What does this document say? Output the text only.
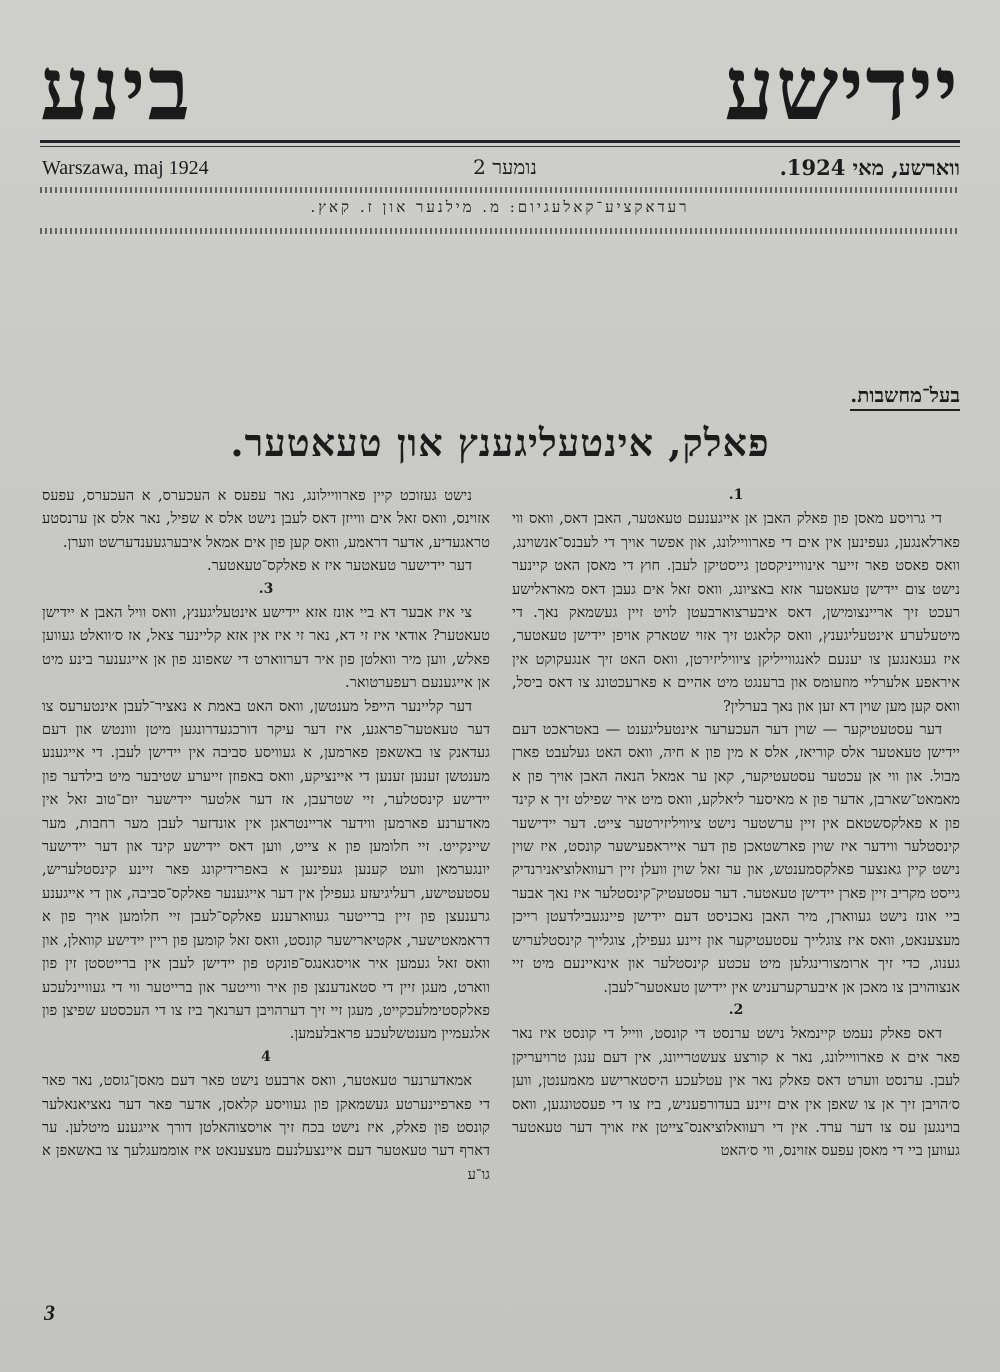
יידישע בינע
Warszawa, maj 1924	נומער 2	ווארשע, מאי 1924.
רעדאקציע־קאלעגיום: מ. מילנער און ז. קאץ.
בעל־מחשבות.
פאלק, אינטעליגענץ און טעאטער.

1.

די גרויסע מאסן פון פאלק האבן אן אייגענעם טעאטער, האבן דאס, וואס ווי פארלאנגען, געפינען אין אים די פארוויילונג, און אפשר אויך די לעבנס־אנשוינג, וואס פאסט פאר זייער אינווייניקסטן גייסטיקן לעבן. חוץ די מאסן האט קיינער נישט צום יידישן טעאטער אזא באציונג, וואס זאל אים געבן דאס מאראלישע רעכט זיך אריינצומישן, דאס איבערצוארבעטן לויט זיין געשמאק נאך. די מיטעלערע אינטעליגענץ, וואס קלאגט זיך אזוי שטארק אויפן יידישן טעאטער, איז געגאנגען צו יענעם לאנגווייליקן ציוויליזירטן, וואס האט זיך אנגעקוקט אין איראפע אלערליי מוזעומס און ברענגט מיט אהיים א פארעכטונג צו דאס ביסל, וואס קען מען שוין דא זען און נאך בערלין?

דער עסטעטיקער — שוין דער העכערער אינטעליגענט — באטראכט דעם יידישן טעאטער אלס קוריאז, אלס א מין פון א חיה, וואס האט געלעבט פארן מבול. און ווי אן עכטער עסטעטיקער, קאן ער אמאל הנאה האבן אויך פון א מאמאט־שארבן, אדער פון א מאיסער ליאלקע, וואס מיט איר שפילט זיך א קינד פון א פאלקסשטאם אין זיין ערשטער נישט ציוויליזירטער צייט. דער יידישער קינסטלער ווידער איז שוין פארשטאכן פון דער אייראפעישער קונסט, איז שוין נישט קיין גאנצער פאלקסמענטש, און ער זאל שוין וועלן זיין רעוואלוציאנירנדיק גייסט מקריב זיין פארן יידישן טעאטער. דער עסטעטיק־קינסטלער איז נאך אבער ביי אונז נישט געווארן, מיר האבן נאכניסט דעם יידישן פיינגעבילדעטן רייכן מעצענאט, וואס איז צוגלייך עסטעטיקער און זיינע געפילן, צוגלייך קינסטלעריש גענוג, כדי זיך ארומצורינגלען מיט עכטע קינסטלער און אינאיינעם מיט זיי אנצוהויבן צו מאכן אן איבערקערעניש אין יידישן טעאטער־לעבן.

2.

דאס פאלק נעמט קיינמאל נישט ערנסט די קונסט, ווייל די קונסט איז נאר פאר אים א פארוויילונג, נאר א קורצע צעשטרייונג, אין דעם ענגן טרויעריקן לעבן. ערנסט ווערט דאס פאלק נאר אין עטלעכע היסטארישע מאמענטן, ווען ס׳הויבן זיך אן צו שאפן אין אים זיינע בעדורפעניש, ביז צו די פעסטונגען, וואס בוינגען עס צו דער ערד. אין די רעוואלוציאנס־צייטן איז אויך דער טעאטער געווען ביי די מאסן עפעס אזוינס, ווי ס׳האט

נישט געזוכט קיין פארוויילונג, נאר עפעס א העכערס, א העכערס, עפעס אזוינס, וואס זאל אים ווייזן דאס לעבן נישט אלס א שפיל, נאר אלס אן ערנסטע טראגעדיע, אדער דראמע, וואס קען פון אים אמאל איבערגעענדערשט ווערן.

דער יידישער טעאטער איז א פאלקס־טעאטער.

3.

צי איז אבער דא ביי אונז אזא יידישע אינטעליגענץ, וואס וויל האבן א יידישן טעאטער? אודאי איז זי דא, נאר זי איז אין אזא קליינער צאל, אז ס׳וואלט געווען פאלש, ווען מיר וואלטן פון איר דערווארט די שאפונג פון אן אייגענער בינע מיט אן אייגענעם רעפערטואר.

דער קליינער הייפל מענטשן, וואס האט באמת א נאציר־לעבן אינטערעס צו דער טעאטער־פראגע, איז דער עיקר דורכגעדרונגען מיטן ווונטש און דעם געדאנק צו באשאפן פארמען, א געוויסע סביבה אין יידישן לעבן. די אייגענע מענטשן זענען זענען די איינציקע, וואס באפוזן זייערע שטיבער מיט בילדער פון יידישע קינסטלער, זיי שטרעבן, אז דער אלטער יידישער יום־טוב זאל אין מאדערנע פארמען ווידער אריינטראגן אין אונדזער לעבן מער רחבות, מער שיינקייט. זיי חלומען פון א צייט, ווען דאס יידישע קינד און דער יידישער יונגערמאן וועט קענען געפינען א באפרידיקונג פאר זיינע קינסטלעריש, עסטעטישע, רעליגיעזע געפילן אין דער אייגענער פאלקס־סביבה, און די אייגענע גרענעצן פון זיין ברייטער געווארענע פאלקס־לעבן זיי חלומען אויך פון א דראמאטישער, אקטיארישער קונסט, וואס זאל קומען פון ריין יידישע קוואלן, און וואס זאל געמען איר אויסגאנגס־פונקט פון יידישן לעבן אין ברייטסטן זין פון ווארט, מעגן זיין די סטאנדענצן פון איר ווייטער און ברייטער ווי די געוויינלעכע פאלקסטימלעכקייט, מעגן זיי זיך דערהויבן דערנאך ביז צו די העכסטע שפיצן פון אלגעמיין מענטשלעכע פראבלעמען.

4

אמאדערנער טעאטער, וואס ארבעט נישט פאר דעם מאסן־גוסט, נאר פאר די פארפיינערטע געשמאקן פון געוויסע קלאסן, אדער פאר דער נאציאנאלער קונסט פון פאלק, איז נישט בכח זיך אויסצוהאלטן דורך אייגענע מיטלען. ער דארף דער טעאטער דעם איינצעלנעם מעצענאט איז אוממעגלעך צו באשאפן א גו־ע

3
